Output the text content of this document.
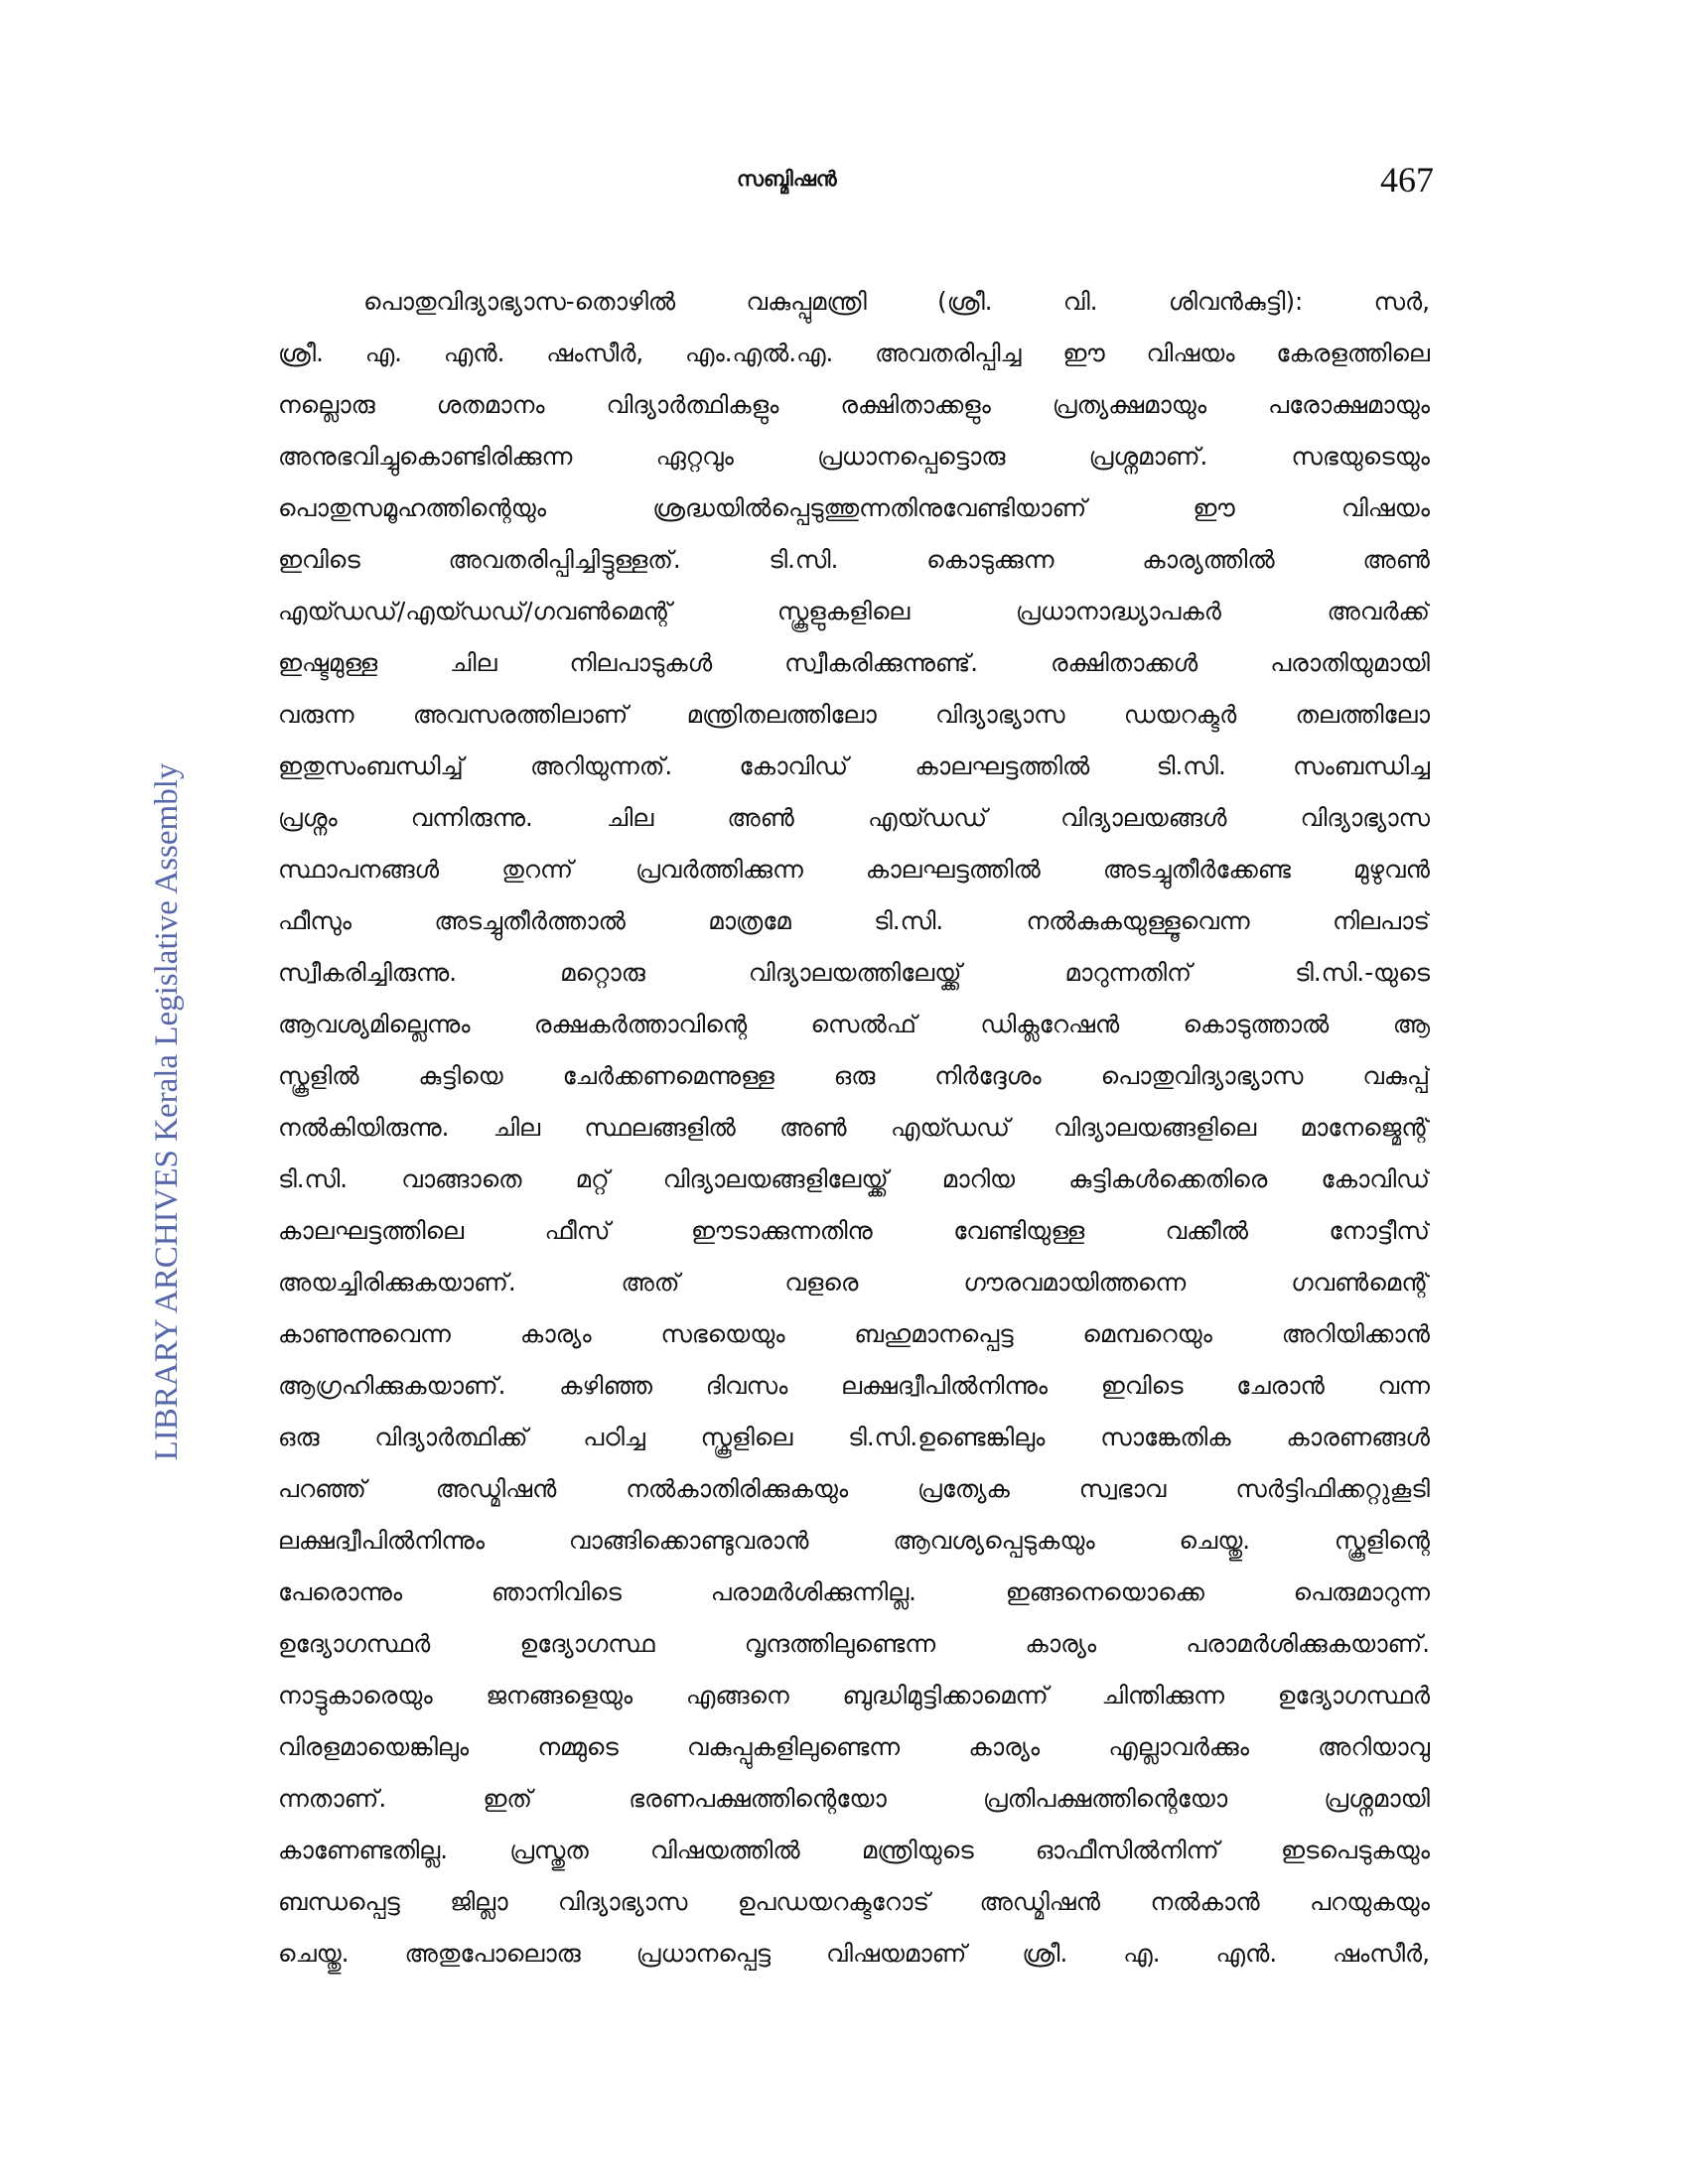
സബ്മിഷൻ	467
LIBRARY ARCHIVES Kerala Legislative Assembly
പൊതുവിദ്യാഭ്യാസ-തൊഴിൽ വകുപ്പുമന്ത്രി (ശ്രീ. വി. ശിവൻകുട്ടി): സർ,
ശ്രീ. എ. എൻ. ഷംസീർ, എം.എൽ.എ. അവതരിപ്പിച്ച ഈ വിഷയം കേരളത്തിലെ
നല്ലൊരു ശതമാനം വിദ്യാർത്ഥികളും രക്ഷിതാക്കളും പ്രത്യക്ഷമായും പരോക്ഷമായും
അനുഭവിച്ചുകൊണ്ടിരിക്കുന്ന ഏറ്റവും പ്രധാനപ്പെട്ടൊരു പ്രശ്നമാണ്. സഭയുടെയും
പൊതുസമൂഹത്തിന്റെയും ശ്രദ്ധയിൽപ്പെടുത്തുന്നതിനുവേണ്ടിയാണ് ഈ വിഷയം
ഇവിടെ അവതരിപ്പിച്ചിട്ടുള്ളത്. ടി.സി. കൊടുക്കുന്ന കാര്യത്തിൽ അൺ
എയ്ഡഡ്/എയ്ഡഡ്/ഗവൺമെന്റ് സ്കൂളുകളിലെ പ്രധാനാദ്ധ്യാപകർ അവർക്ക്
ഇഷ്ടമുള്ള ചില നിലപാടുകൾ സ്വീകരിക്കുന്നുണ്ട്. രക്ഷിതാക്കൾ പരാതിയുമായി
വരുന്ന അവസരത്തിലാണ് മന്ത്രിതലത്തിലോ വിദ്യാഭ്യാസ ഡയറക്ടർ തലത്തിലോ
ഇതുസംബന്ധിച്ച് അറിയുന്നത്. കോവിഡ് കാലഘട്ടത്തിൽ ടി.സി. സംബന്ധിച്ച
പ്രശ്നം വന്നിരുന്നു. ചില അൺ എയ്ഡഡ് വിദ്യാലയങ്ങൾ വിദ്യാഭ്യാസ
സ്ഥാപനങ്ങൾ തുറന്ന് പ്രവർത്തിക്കുന്ന കാലഘട്ടത്തിൽ അടച്ചുതീർക്കേണ്ട മുഴുവൻ
ഫീസും അടച്ചുതീർത്താൽ മാത്രമേ ടി.സി. നൽകുകയുള്ളൂവെന്ന നിലപാട്
സ്വീകരിച്ചിരുന്നു. മറ്റൊരു വിദ്യാലയത്തിലേയ്ക്ക് മാറുന്നതിന് ടി.സി.-യുടെ
ആവശ്യമില്ലെന്നും രക്ഷകർത്താവിന്റെ സെൽഫ് ഡിക്ലറേഷൻ കൊടുത്താൽ ആ
സ്കൂളിൽ കുട്ടിയെ ചേർക്കണമെന്നുള്ള ഒരു നിർദ്ദേശം പൊതുവിദ്യാഭ്യാസ വകുപ്പ്
നൽകിയിരുന്നു. ചില സ്ഥലങ്ങളിൽ അൺ എയ്ഡഡ് വിദ്യാലയങ്ങളിലെ മാനേജ്മെന്റ്
ടി.സി. വാങ്ങാതെ മറ്റ് വിദ്യാലയങ്ങളിലേയ്ക്ക് മാറിയ കുട്ടികൾക്കെതിരെ കോവിഡ്
കാലഘട്ടത്തിലെ ഫീസ് ഈടാക്കുന്നതിനു വേണ്ടിയുള്ള വക്കീൽ നോട്ടീസ്
അയച്ചിരിക്കുകയാണ്. അത് വളരെ ഗൗരവമായിത്തന്നെ ഗവൺമെന്റ്
കാണുന്നുവെന്ന കാര്യം സഭയെയും ബഹുമാനപ്പെട്ട മെമ്പറെയും അറിയിക്കാൻ
ആഗ്രഹിക്കുകയാണ്. കഴിഞ്ഞ ദിവസം ലക്ഷദ്വീപിൽനിന്നും ഇവിടെ ചേരാൻ വന്ന
ഒരു വിദ്യാർത്ഥിക്ക് പഠിച്ച സ്കൂളിലെ ടി.സി.ഉണ്ടെങ്കിലും സാങ്കേതിക കാരണങ്ങൾ
പറഞ്ഞ് അഡ്മിഷൻ നൽകാതിരിക്കുകയും പ്രത്യേക സ്വഭാവ സർട്ടിഫിക്കറ്റുകൂടി
ലക്ഷദ്വീപിൽനിന്നും വാങ്ങിക്കൊണ്ടുവരാൻ ആവശ്യപ്പെടുകയും ചെയ്തു. സ്കൂളിന്റെ
പേരൊന്നും ഞാനിവിടെ പരാമർശിക്കുന്നില്ല. ഇങ്ങനെയൊക്കെ പെരുമാറുന്ന
ഉദ്യോഗസ്ഥർ ഉദ്യോഗസ്ഥ വൃന്ദത്തിലുണ്ടെന്ന കാര്യം പരാമർശിക്കുകയാണ്.
നാട്ടുകാരെയും ജനങ്ങളെയും എങ്ങനെ ബുദ്ധിമുട്ടിക്കാമെന്ന് ചിന്തിക്കുന്ന ഉദ്യോഗസ്ഥർ
വിരളമായെങ്കിലും നമ്മുടെ വകുപ്പുകളിലുണ്ടെന്ന കാര്യം എല്ലാവർക്കും അറിയാവു
ന്നതാണ്. ഇത് ഭരണപക്ഷത്തിന്റെയോ പ്രതിപക്ഷത്തിന്റെയോ പ്രശ്നമായി
കാണേണ്ടതില്ല. പ്രസ്തുത വിഷയത്തിൽ മന്ത്രിയുടെ ഓഫീസിൽനിന്ന് ഇടപെടുകയും
ബന്ധപ്പെട്ട ജില്ലാ വിദ്യാഭ്യാസ ഉപഡയറക്ടറോട് അഡ്മിഷൻ നൽകാൻ പറയുകയും
ചെയ്തു. അതുപോലൊരു പ്രധാനപ്പെട്ട വിഷയമാണ് ശ്രീ. എ. എൻ. ഷംസീർ,
